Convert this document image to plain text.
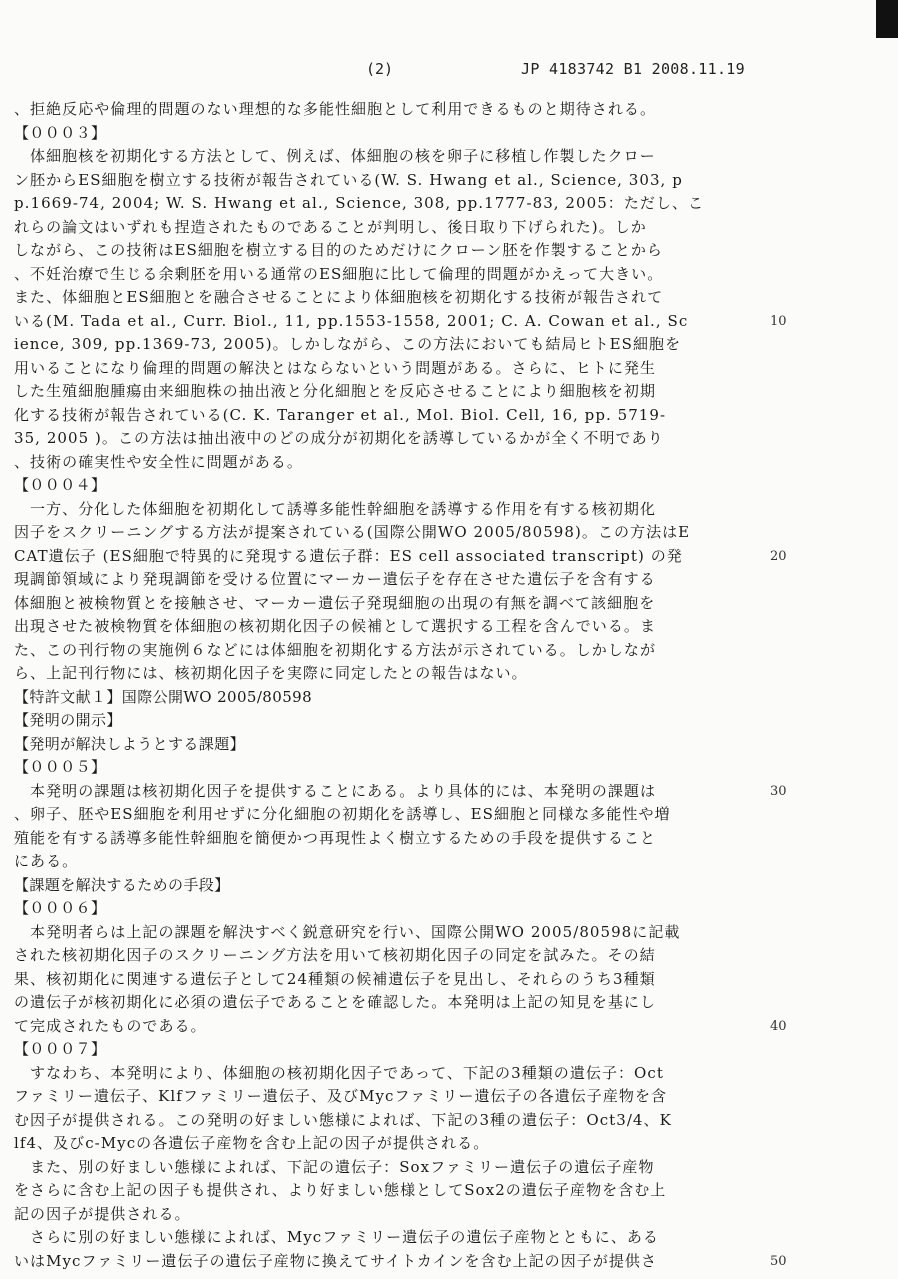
(2)	JP 4183742 B1 2008.11.19
、拒絶反応や倫理的問題のない理想的な多能性細胞として利用できるものと期待される。
【０００３】
　体細胞核を初期化する方法として、例えば、体細胞の核を卵子に移植し作製したクロー
ン胚からES細胞を樹立する技術が報告されている(W. S. Hwang et al., Science, 303, p
p.1669-74, 2004; W. S. Hwang et al., Science, 308, pp.1777-83, 2005：ただし、こ
れらの論文はいずれも捏造されたものであることが判明し、後日取り下げられた)。しか
しながら、この技術はES細胞を樹立する目的のためだけにクローン胚を作製することから
、不妊治療で生じる余剰胚を用いる通常のES細胞に比して倫理的問題がかえって大きい。
また、体細胞とES細胞とを融合させることにより体細胞核を初期化する技術が報告されて
いる(M. Tada et al., Curr. Biol., 11, pp.1553-1558, 2001; C. A. Cowan et al., Sc
ience, 309, pp.1369-73, 2005)。しかしながら、この方法においても結局ヒトES細胞を
用いることになり倫理的問題の解決とはならないという問題がある。さらに、ヒトに発生
した生殖細胞腫瘍由来細胞株の抽出液と分化細胞とを反応させることにより細胞核を初期
化する技術が報告されている(C. K. Taranger et al., Mol. Biol. Cell, 16, pp. 5719-
35, 2005 )。この方法は抽出液中のどの成分が初期化を誘導しているかが全く不明であり
、技術の確実性や安全性に問題がある。
【０００４】
　一方、分化した体細胞を初期化して誘導多能性幹細胞を誘導する作用を有する核初期化
因子をスクリーニングする方法が提案されている(国際公開WO 2005/80598)。この方法はE
CAT遺伝子 (ES細胞で特異的に発現する遺伝子群：ES cell associated transcript) の発
現調節領域により発現調節を受ける位置にマーカー遺伝子を存在させた遺伝子を含有する
体細胞と被検物質とを接触させ、マーカー遺伝子発現細胞の出現の有無を調べて該細胞を
出現させた被検物質を体細胞の核初期化因子の候補として選択する工程を含んでいる。ま
た、この刊行物の実施例６などには体細胞を初期化する方法が示されている。しかしなが
ら、上記刊行物には、核初期化因子を実際に同定したとの報告はない。
【特許文献１】国際公開WO 2005/80598
【発明の開示】
【発明が解決しようとする課題】
【０００５】
　本発明の課題は核初期化因子を提供することにある。より具体的には、本発明の課題は
、卵子、胚やES細胞を利用せずに分化細胞の初期化を誘導し、ES細胞と同様な多能性や増
殖能を有する誘導多能性幹細胞を簡便かつ再現性よく樹立するための手段を提供すること
にある。
【課題を解決するための手段】
【０００６】
　本発明者らは上記の課題を解決すべく鋭意研究を行い、国際公開WO 2005/80598に記載
された核初期化因子のスクリーニング方法を用いて核初期化因子の同定を試みた。その結
果、核初期化に関連する遺伝子として24種類の候補遺伝子を見出し、それらのうち3種類
の遺伝子が核初期化に必須の遺伝子であることを確認した。本発明は上記の知見を基にし
て完成されたものである。
【０００７】
　すなわち、本発明により、体細胞の核初期化因子であって、下記の3種類の遺伝子：Oct
ファミリー遺伝子、Klfファミリー遺伝子、及びMycファミリー遺伝子の各遺伝子産物を含
む因子が提供される。この発明の好ましい態様によれば、下記の3種の遺伝子：Oct3/4、K
lf4、及びc-Mycの各遺伝子産物を含む上記の因子が提供される。
　また、別の好ましい態様によれば、下記の遺伝子：Soxファミリー遺伝子の遺伝子産物
をさらに含む上記の因子も提供され、より好ましい態様としてSox2の遺伝子産物を含む上
記の因子が提供される。
　さらに別の好ましい態様によれば、Mycファミリー遺伝子の遺伝子産物とともに、ある
いはMycファミリー遺伝子の遺伝子産物に換えてサイトカインを含む上記の因子が提供さ
10
20
30
40
50
